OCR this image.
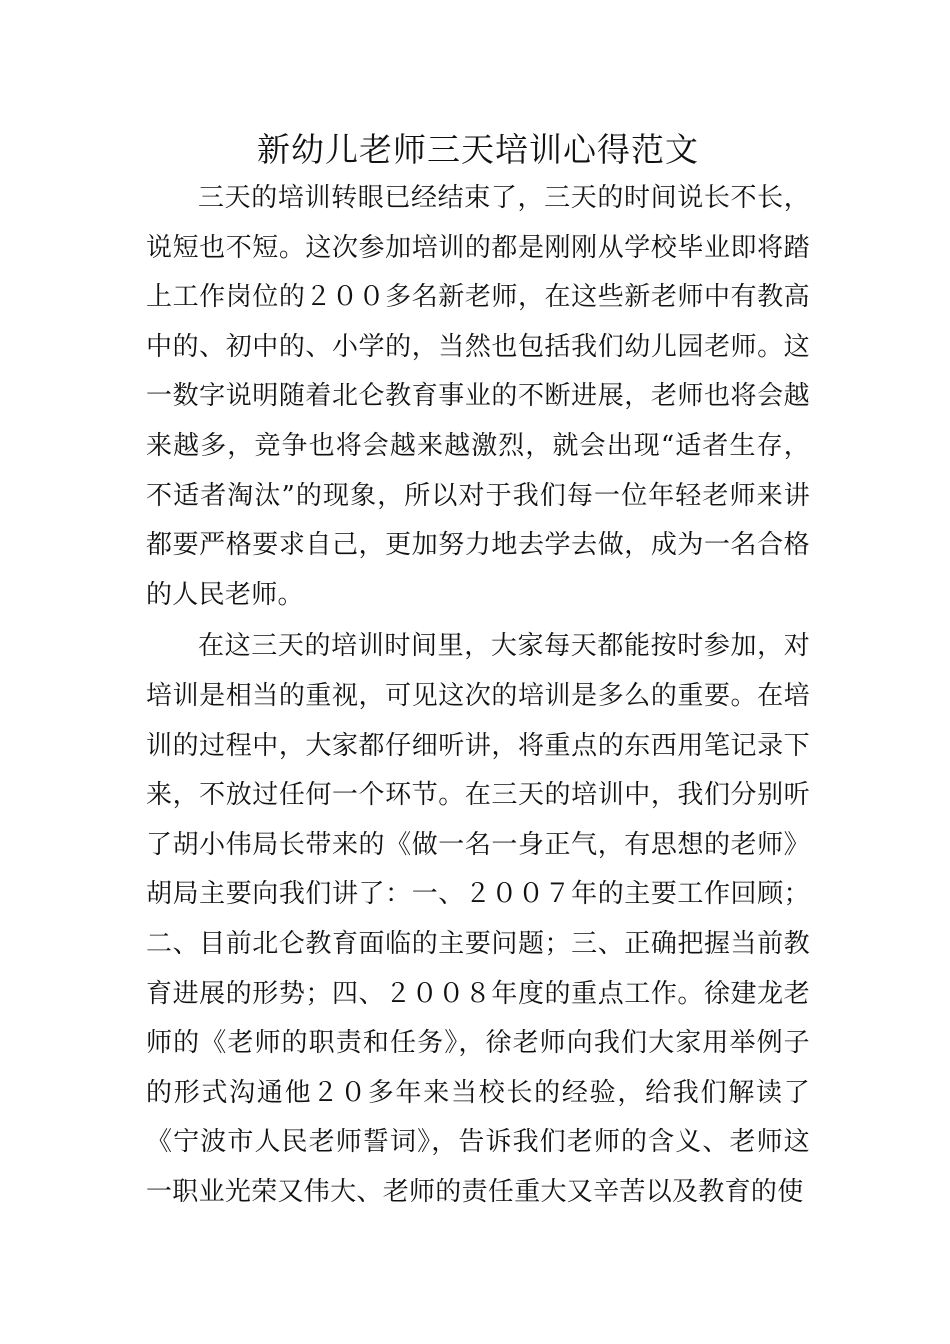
新幼儿老师三天培训心得范文

三天的培训转眼已经结束了，三天的时间说长不长，说短也不短。这次参加培训的都是刚刚从学校毕业即将踏上工作岗位的２００多名新老师，在这些新老师中有教高中的、初中的、小学的，当然也包括我们幼儿园老师。这一数字说明随着北仑教育事业的不断进展，老师也将会越来越多，竞争也将会越来越激烈，就会出现“适者生存，不适者淘汰”的现象，所以对于我们每一位年轻老师来讲都要严格要求自己，更加努力地去学去做，成为一名合格的人民老师。

在这三天的培训时间里，大家每天都能按时参加，对培训是相当的重视，可见这次的培训是多么的重要。在培训的过程中，大家都仔细听讲，将重点的东西用笔记录下来，不放过任何一个环节。在三天的培训中，我们分别听了胡小伟局长带来的《做一名一身正气，有思想的老师》胡局主要向我们讲了：一、２００７年的主要工作回顾；二、目前北仑教育面临的主要问题；三、正确把握当前教育进展的形势；四、２００８年度的重点工作。徐建龙老师的《老师的职责和任务》，徐老师向我们大家用举例子的形式沟通他２０多年来当校长的经验，给我们解读了《宁波市人民老师誓词》，告诉我们老师的含义、老师这一职业光荣又伟大、老师的责任重大又辛苦以及教育的使
